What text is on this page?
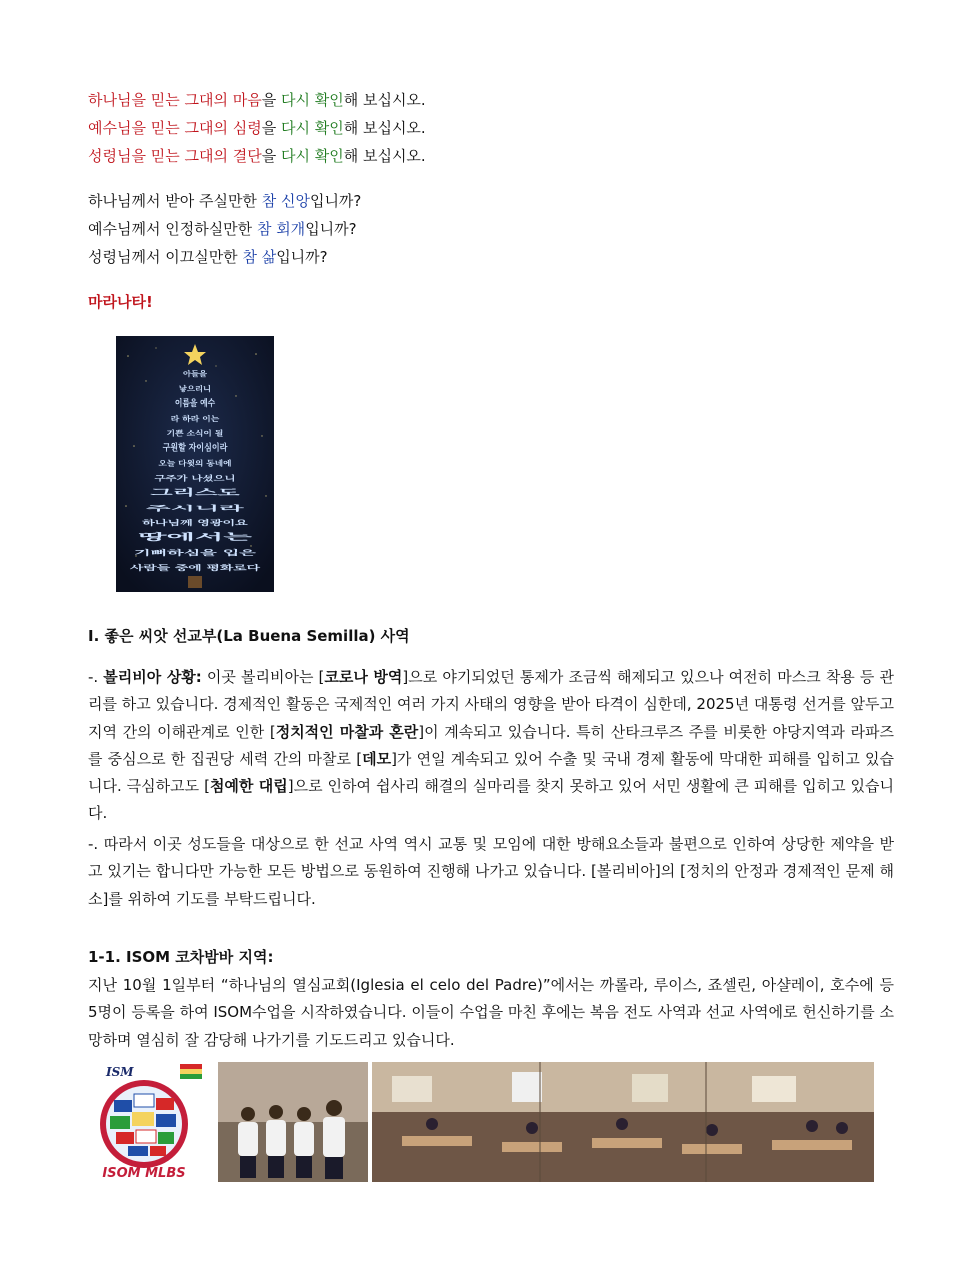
하나님을 믿는 그대의 마음을 다시 확인해 보십시오.
예수님을 믿는 그대의 심령을 다시 확인해 보십시오.
성령님을 믿는 그대의 결단을 다시 확인해 보십시오.
하나님께서 받아 주실만한 참 신앙입니까?
예수님께서 인정하실만한 참 회개입니까?
성령님께서 이끄실만한 참 삶입니까?
마라나타!
아들을
낳으리니
이름을 예수
라 하라 이는
기쁜 소식이 될
구원할 자이심이라
오늘 다윗의 동네에
구주가 나셨으니
그리스도
주시니라
하나님께 영광이요
땅에서는
기뻐하심을 입은
사람들 중에 평화로다
I. 좋은 씨앗 선교부(La Buena Semilla) 사역
-. 볼리비아 상황: 이곳 볼리비아는 [코로나 방역]으로 야기되었던 통제가 조금씩 해제되고 있으나 여전히 마스크 착용 등 관리를 하고 있습니다. 경제적인 활동은 국제적인 여러 가지 사태의 영향을 받아 타격이 심한데, 2025년 대통령 선거를 앞두고 지역 간의 이해관계로 인한 [정치적인 마찰과 혼란]이 계속되고 있습니다. 특히 산타크루즈 주를 비롯한 야당지역과 라파즈를 중심으로 한 집권당 세력 간의 마찰로 [데모]가 연일 계속되고 있어 수출 및 국내 경제 활동에 막대한 피해를 입히고 있습니다. 극심하고도 [첨예한 대립]으로 인하여 쉽사리 해결의 실마리를 찾지 못하고 있어 서민 생활에 큰 피해를 입히고 있습니다.
-. 따라서 이곳 성도들을 대상으로 한 선교 사역 역시 교통 및 모임에 대한 방해요소들과 불편으로 인하여 상당한 제약을 받고 있기는 합니다만 가능한 모든 방법으로 동원하여 진행해 나가고 있습니다. [볼리비아]의 [정치의 안정과 경제적인 문제 해소]를 위하여 기도를 부탁드립니다.
1-1. ISOM 코차밤바 지역:
지난 10월 1일부터 “하나님의 열심교회(Iglesia el celo del Padre)”에서는 까롤라, 루이스, 죠셀린, 아샬레이, 호수에 등 5명이 등록을 하여 ISOM수업을 시작하였습니다. 이들이 수업을 마친 후에는 복음 전도 사역과 선교 사역에로 헌신하기를 소망하며 열심히 잘 감당해 나가기를 기도드리고 있습니다.
ISM
ISOM MLBS
